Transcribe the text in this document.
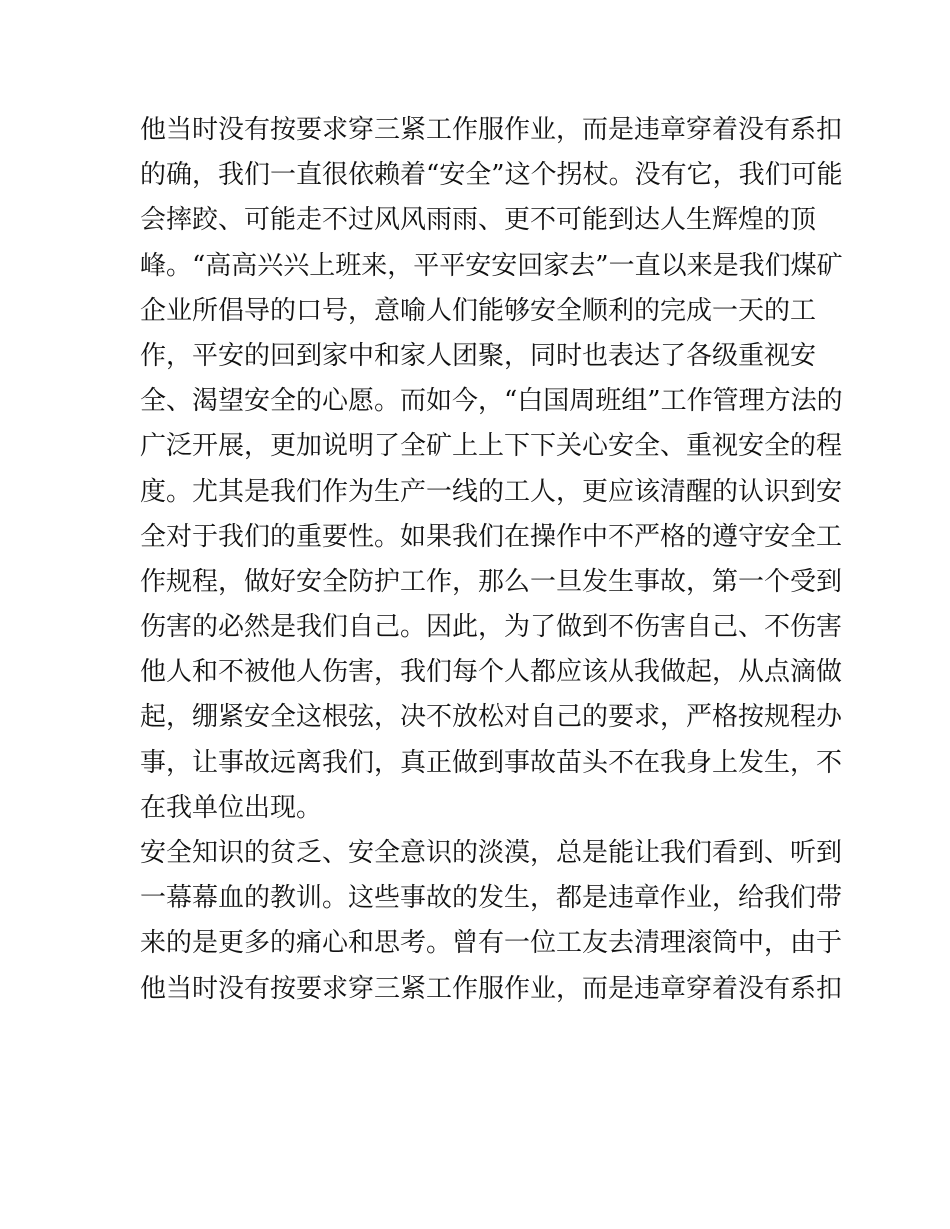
他当时没有按要求穿三紧工作服作业，而是违章穿着没有系扣
的确，我们一直很依赖着“安全”这个拐杖。没有它，我们可能
会摔跤、可能走不过风风雨雨、更不可能到达人生辉煌的顶
峰。“高高兴兴上班来，平平安安回家去”一直以来是我们煤矿
企业所倡导的口号，意喻人们能够安全顺利的完成一天的工
作，平安的回到家中和家人团聚，同时也表达了各级重视安
全、渴望安全的心愿。而如今，“白国周班组”工作管理方法的
广泛开展，更加说明了全矿上上下下关心安全、重视安全的程
度。尤其是我们作为生产一线的工人，更应该清醒的认识到安
全对于我们的重要性。如果我们在操作中不严格的遵守安全工
作规程，做好安全防护工作，那么一旦发生事故，第一个受到
伤害的必然是我们自己。因此，为了做到不伤害自己、不伤害
他人和不被他人伤害，我们每个人都应该从我做起，从点滴做
起，绷紧安全这根弦，决不放松对自己的要求，严格按规程办
事，让事故远离我们，真正做到事故苗头不在我身上发生，不
在我单位出现。
安全知识的贫乏、安全意识的淡漠，总是能让我们看到、听到
一幕幕血的教训。这些事故的发生，都是违章作业，给我们带
来的是更多的痛心和思考。曾有一位工友去清理滚筒中，由于
他当时没有按要求穿三紧工作服作业，而是违章穿着没有系扣
